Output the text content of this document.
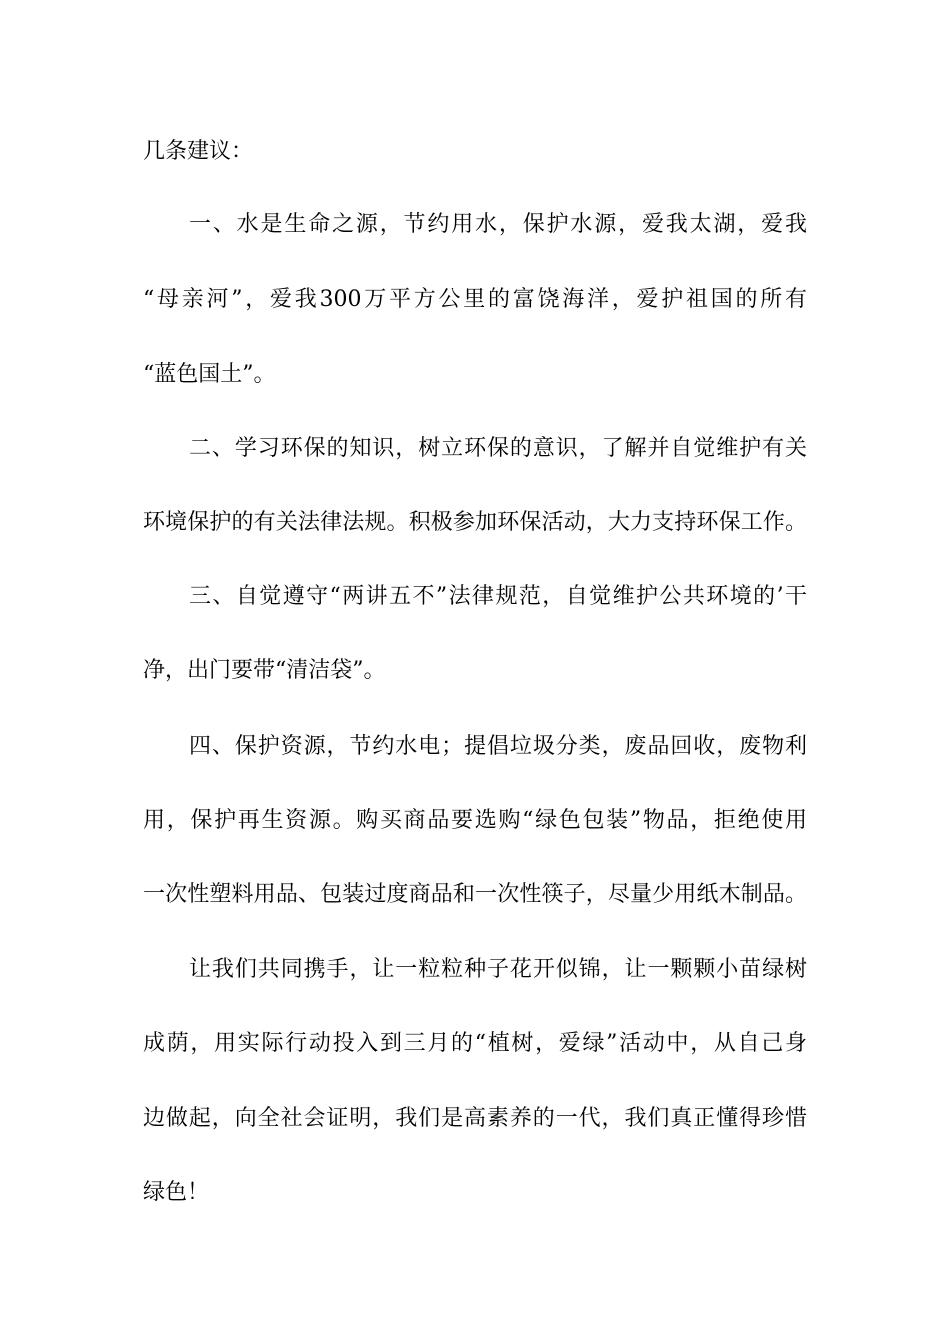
几条建议：
一、水是生命之源，节约用水，保护水源，爱我太湖，爱我
“母亲河”，爱我300万平方公里的富饶海洋，爱护祖国的所有
“蓝色国土”。
二、学习环保的知识，树立环保的意识，了解并自觉维护有关
环境保护的有关法律法规。积极参加环保活动，大力支持环保工作。
三、自觉遵守“两讲五不”法律规范，自觉维护公共环境的’干
净，出门要带“清洁袋”。
四、保护资源，节约水电；提倡垃圾分类，废品回收，废物利
用，保护再生资源。购买商品要选购“绿色包装”物品，拒绝使用
一次性塑料用品、包装过度商品和一次性筷子，尽量少用纸木制品。
让我们共同携手，让一粒粒种子花开似锦，让一颗颗小苗绿树
成荫，用实际行动投入到三月的“植树，爱绿”活动中，从自己身
边做起，向全社会证明，我们是高素养的一代，我们真正懂得珍惜
绿色！
